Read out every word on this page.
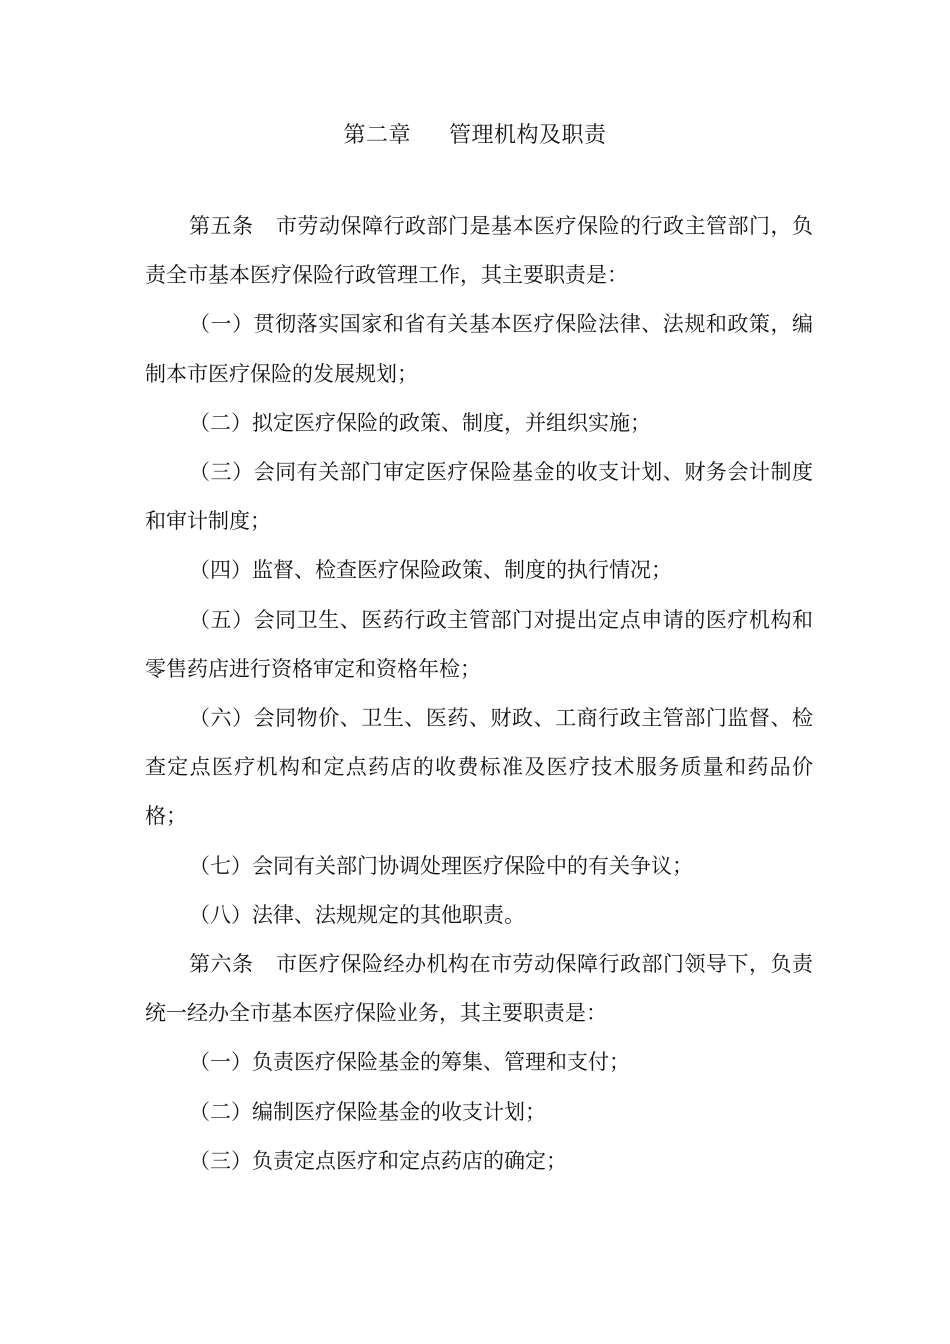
第二章 管理机构及职责

第五条 市劳动保障行政部门是基本医疗保险的行政主管部门，负责全市基本医疗保险行政管理工作，其主要职责是：

（一）贯彻落实国家和省有关基本医疗保险法律、法规和政策，编制本市医疗保险的发展规划；

（二）拟定医疗保险的政策、制度，并组织实施；

（三）会同有关部门审定医疗保险基金的收支计划、财务会计制度和审计制度；

（四）监督、检查医疗保险政策、制度的执行情况；

（五）会同卫生、医药行政主管部门对提出定点申请的医疗机构和零售药店进行资格审定和资格年检；

（六）会同物价、卫生、医药、财政、工商行政主管部门监督、检查定点医疗机构和定点药店的收费标准及医疗技术服务质量和药品价格；

（七）会同有关部门协调处理医疗保险中的有关争议；

（八）法律、法规规定的其他职责。

第六条 市医疗保险经办机构在市劳动保障行政部门领导下，负责统一经办全市基本医疗保险业务，其主要职责是：

（一）负责医疗保险基金的筹集、管理和支付；

（二）编制医疗保险基金的收支计划；

（三）负责定点医疗和定点药店的确定；
